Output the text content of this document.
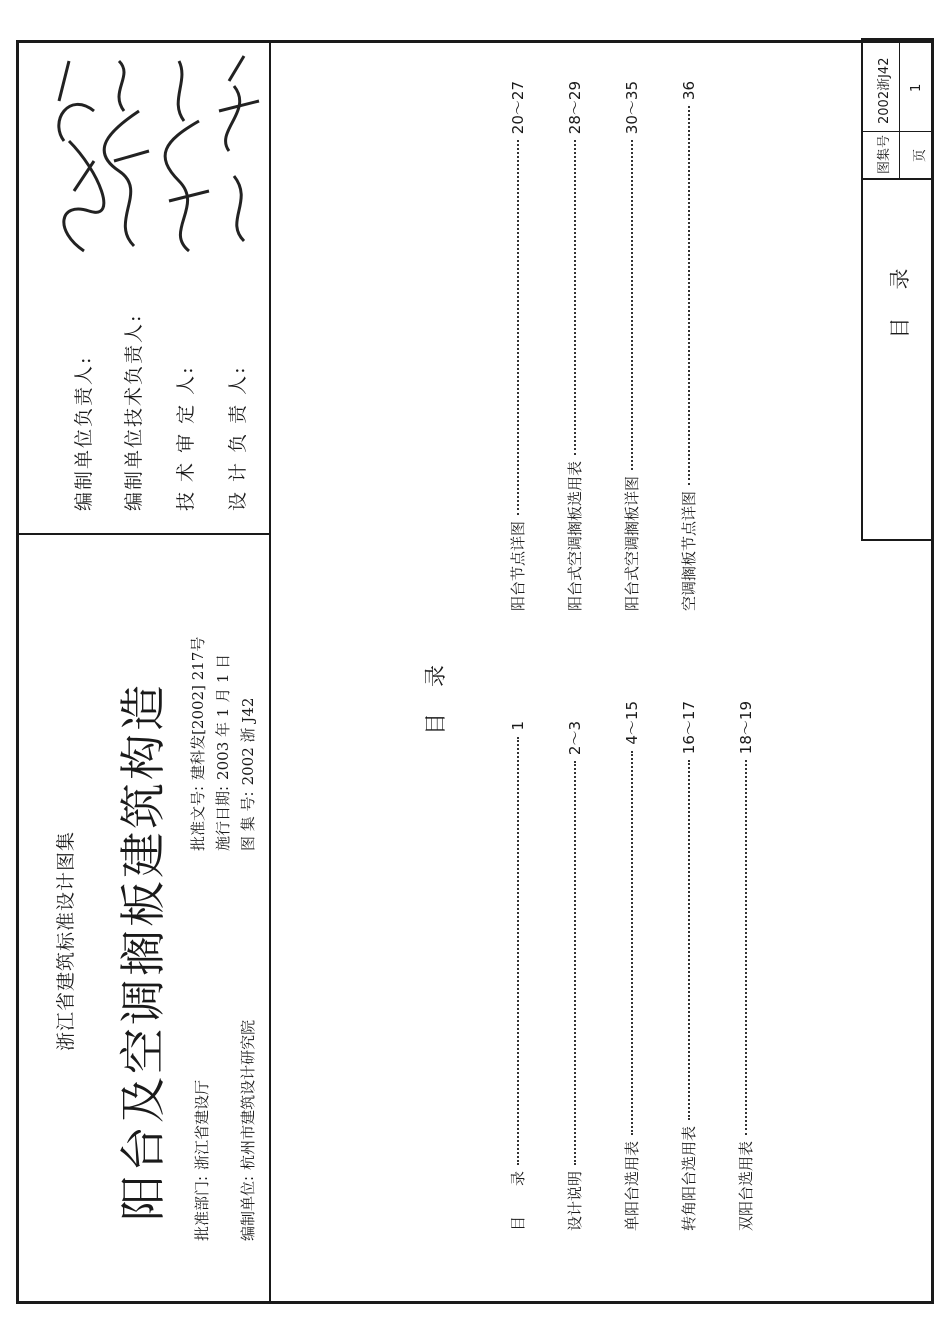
浙江省建筑标准设计图集 阳台及空调搁板建筑构造 批准部门:浙江省建设厅
编制单位:杭州市建筑设计研究院
批准文号:建科发[2002] 217号
施行日期:2003 年 1 月 1 日
图 集 号:2002 浙 J42
编制单位负责人: 编制单位技术负责人: 技 术 审 定 人: 设 计 负 责 人:
目录
目　　录
1
设计说明
2～3
单阳台选用表
4～15
转角阳台选用表
16～17
双阳台选用表
18～19
阳台节点详图
20～27
阳台式空调搁板选用表
28～29
阳台式空调搁板详图
30～35
空调搁板节点详图
36
目录
图集号
2002浙J42
页
1
